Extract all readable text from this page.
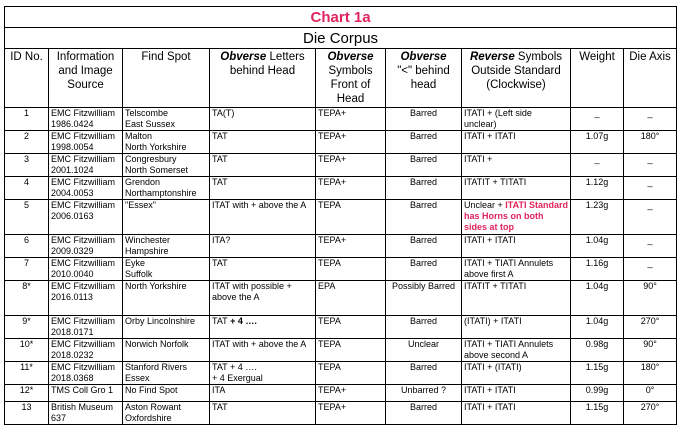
Chart 1a								
Die Corpus								
ID No.	Information and Image Source	Find Spot	Obverse Letters behind Head	Obverse
Symbols Front of Head	Obverse
"<" behind head	Reverse Symbols Outside Standard (Clockwise)	Weight	Die Axis
1	EMC Fitzwilliam
1986.0424	Telscombe
East Sussex	TA(T)	TEPA+	Barred	ITATI + (Left side
unclear)	_	_
2	EMC Fitzwilliam
1998.0054	Malton
North Yorkshire	TAT	TEPA+	Barred	ITATI + ITATI	1.07g	180°
3	EMC Fitzwilliam
2001.1024	Congresbury
North Somerset	TAT	TEPA+	Barred	ITATI +	_	_
4	EMC Fitzwilliam
2004.0053	Grendon
Northamptonshire	TAT	TEPA+	Barred	ITATIT + TITATI	1.12g	_
5	EMC Fitzwilliam
2006.0163	"Essex"	ITAT with + above the A	TEPA	Barred	Unclear + ITATI Standard has Horns on both sides at top	1.23g	_
6	EMC Fitzwilliam
2009.0329	Winchester
Hampshire	ITA?	TEPA+	Barred	ITATI + ITATI	1.04g	_
7	EMC Fitzwilliam
2010.0040	Eyke
Suffolk	TAT	TEPA	Barred	ITATI + TIATI Annulets
above first A	1.16g	_
8*	EMC Fitzwilliam
2016.0113	North Yorkshire	ITAT with possible + above the A	EPA	Possibly Barred	ITATIT + TITATI	1.04g	90°
9*	EMC Fitzwilliam
2018.0171	Orby Lincolnshire	TAT + 4 ….	TEPA	Barred	(ITATI) + ITATI	1.04g	270°
10*	EMC Fitzwilliam
2018.0232	Norwich Norfolk	ITAT with + above the A	TEPA	Unclear	ITATI + TIATI Annulets
above second A	0.98g	90°
11*	EMC Fitzwilliam
2018.0368	Stanford Rivers
Essex	TAT + 4 ….
+ 4 Exergual	TEPA	Barred	ITATI + (ITATI)	1.15g	180°
12*	TMS Coll Gro 1	No Find Spot	ITA	TEPA+	Unbarred ?	ITATI + ITATI	0.99g	0°
13	British Museum
637	Aston Rowant
Oxfordshire	TAT	TEPA+	Barred	ITATI + ITATI	1.15g	270°
